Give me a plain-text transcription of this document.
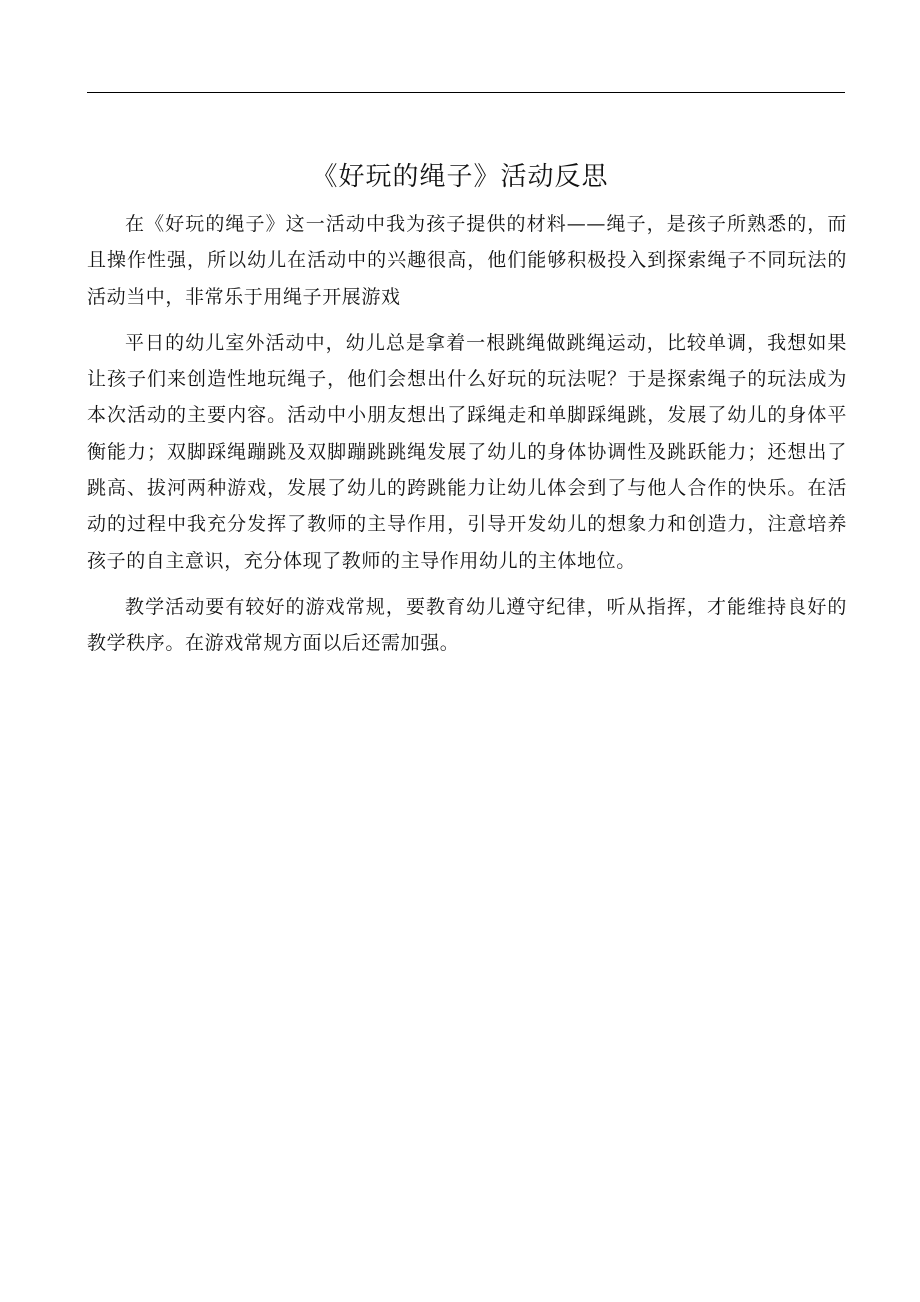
《好玩的绳子》活动反思

在《好玩的绳子》这一活动中我为孩子提供的材料——绳子，是孩子所熟悉的，而且操作性强，所以幼儿在活动中的兴趣很高，他们能够积极投入到探索绳子不同玩法的活动当中，非常乐于用绳子开展游戏

平日的幼儿室外活动中，幼儿总是拿着一根跳绳做跳绳运动，比较单调，我想如果让孩子们来创造性地玩绳子，他们会想出什么好玩的玩法呢？于是探索绳子的玩法成为本次活动的主要内容。活动中小朋友想出了踩绳走和单脚踩绳跳，发展了幼儿的身体平衡能力；双脚踩绳蹦跳及双脚蹦跳跳绳发展了幼儿的身体协调性及跳跃能力；还想出了跳高、拔河两种游戏，发展了幼儿的跨跳能力让幼儿体会到了与他人合作的快乐。在活动的过程中我充分发挥了教师的主导作用，引导开发幼儿的想象力和创造力，注意培养孩子的自主意识，充分体现了教师的主导作用幼儿的主体地位。

教学活动要有较好的游戏常规，要教育幼儿遵守纪律，听从指挥，才能维持良好的教学秩序。在游戏常规方面以后还需加强。
